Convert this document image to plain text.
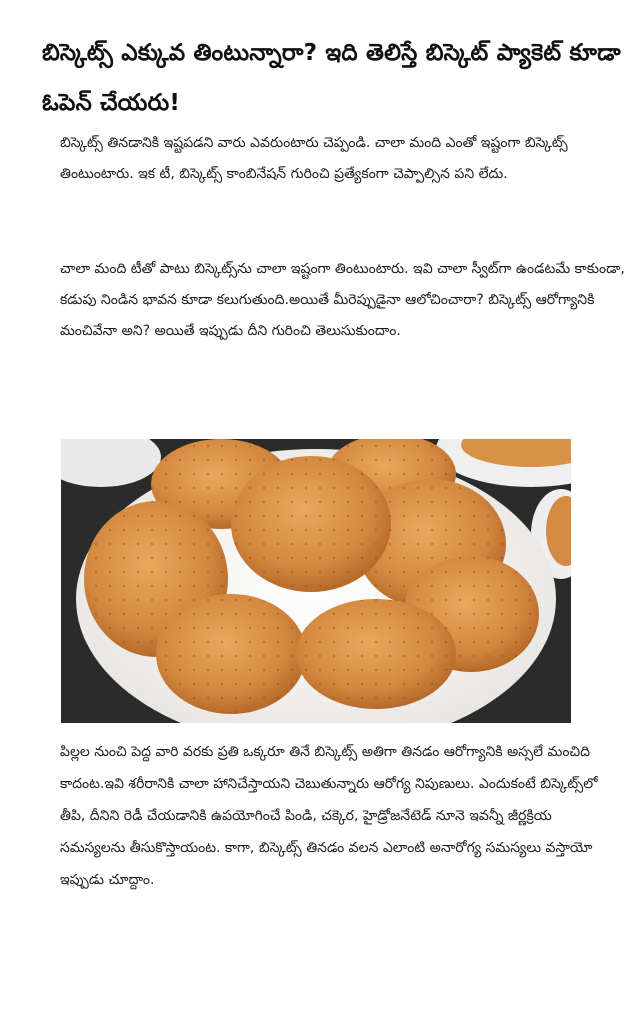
బిస్కెట్స్ ఎక్కువ తింటున్నారా? ఇది తెలిస్తే బిస్కెట్ ప్యాకెట్ కూడా ఓపెన్ చేయరు!

బిస్కెట్స్ తినడానికి ఇష్టపడని వారు ఎవరుంటారు చెప్పండి. చాలా మంది ఎంతో ఇష్టంగా బిస్కెట్స్ తింటుంటారు. ఇక టీ, బిస్కెట్స్ కాంబినేషన్ గురించి ప్రత్యేకంగా చెప్పాల్సిన పని లేదు.

చాలా మంది టీతో పాటు బిస్కెట్స్‌ను చాలా ఇష్టంగా తింటుంటారు. ఇవి చాలా స్వీట్‌గా ఉండటమే కాకుండా, కడుపు నిండిన భావన కూడా కలుగుతుంది.అయితే మీరెప్పుడైనా ఆలోచించారా? బిస్కెట్స్ ఆరోగ్యానికి మంచివేనా అని? అయితే ఇప్పుడు దీని గురించి తెలుసుకుందాం.

పిల్లల నుంచి పెద్ద వారి వరకు ప్రతి ఒక్కరూ తినే బిస్కెట్స్ అతిగా తినడం ఆరోగ్యానికి అస్సలే మంచిది కాదంట.ఇవి శరీరానికి చాలా హానిచేస్తాయని చెబుతున్నారు ఆరోగ్య నిపుణులు. ఎందుకంటే బిస్కెట్స్‌లో తీపి, దీనిని రెడీ చేయడానికి ఉపయోగించే పిండి, చక్కెర, హైడ్రోజనేటెడ్ నూనె ఇవన్నీ జీర్ణక్రియ సమస్యలను తీసుకొస్తాయంట. కాగా, బిస్కెట్స్ తినడం వలన ఎలాంటి అనారోగ్య సమస్యలు వస్తాయో ఇప్పుడు చూద్దాం.
